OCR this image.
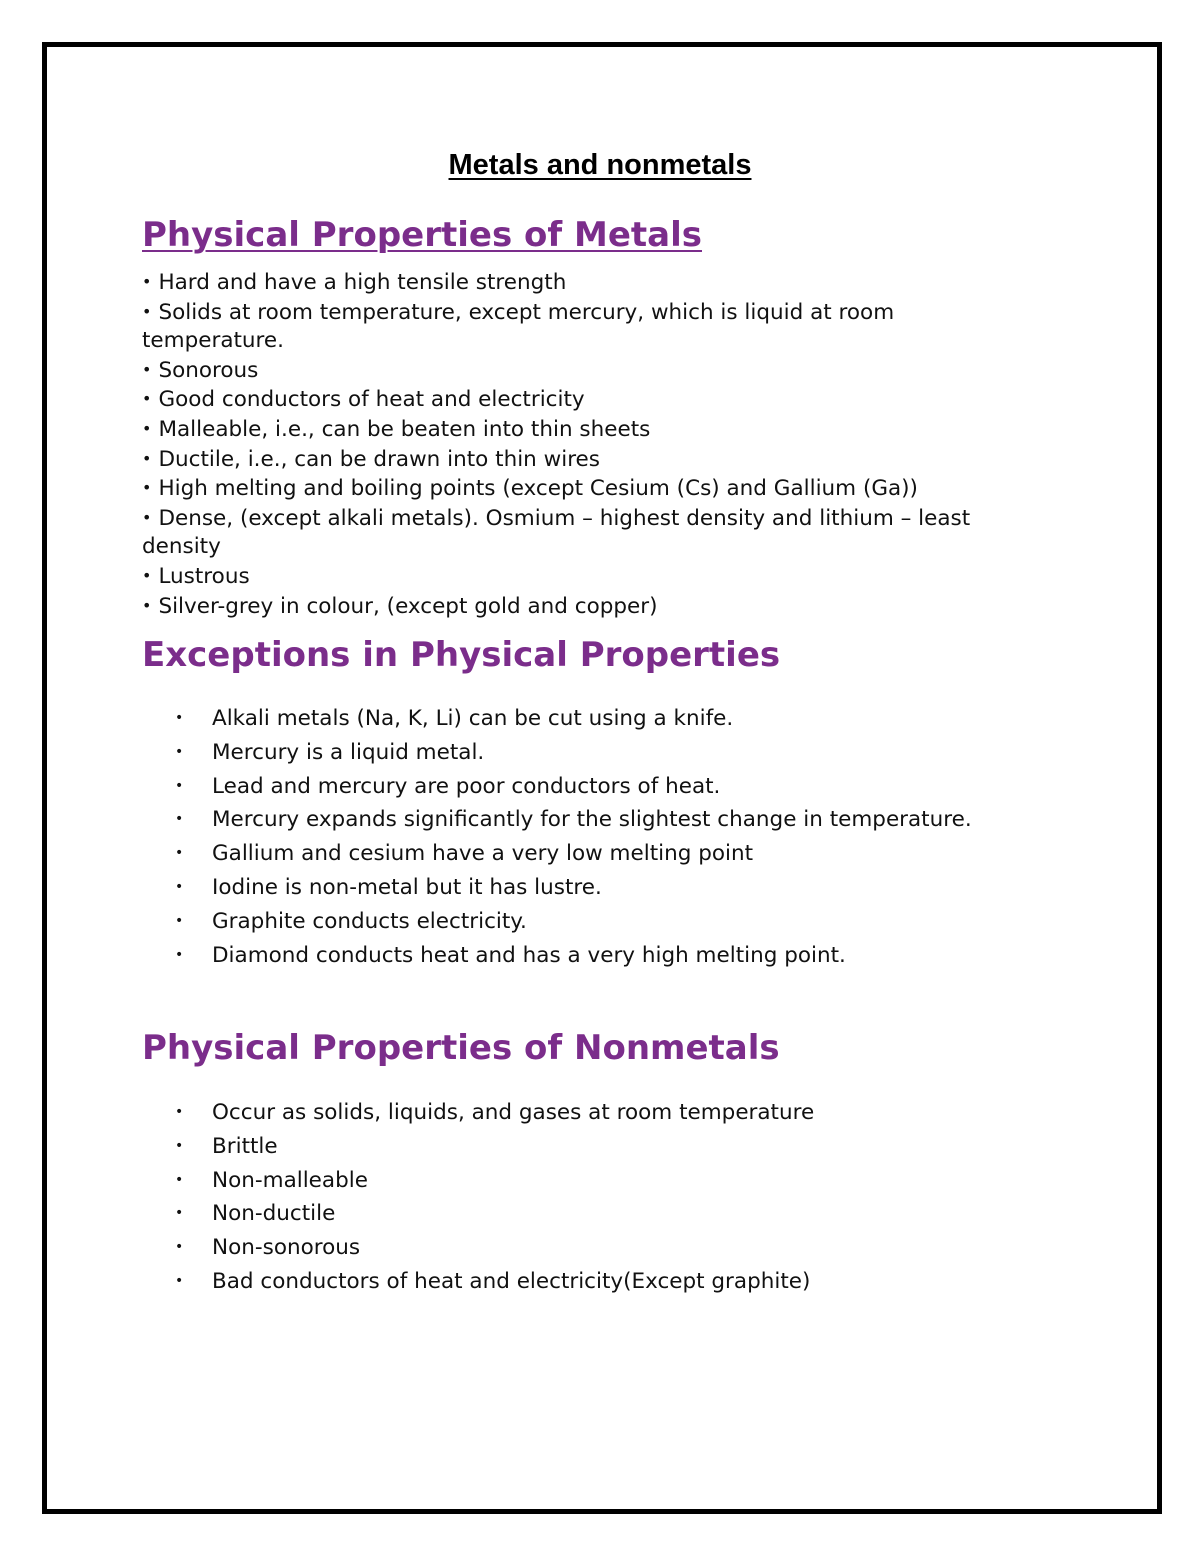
Metals and nonmetals
Physical Properties of Metals
• Hard and have a high tensile strength
• Solids at room temperature, except mercury, which is liquid at room temperature.
• Sonorous
• Good conductors of heat and electricity
• Malleable, i.e., can be beaten into thin sheets
• Ductile, i.e., can be drawn into thin wires
• High melting and boiling points (except Cesium (Cs) and Gallium (Ga))
• Dense, (except alkali metals). Osmium – highest density and lithium – least density
• Lustrous
• Silver-grey in colour, (except gold and copper)
Exceptions in Physical Properties
• Alkali metals (Na, K, Li) can be cut using a knife.
• Mercury is a liquid metal.
• Lead and mercury are poor conductors of heat.
• Mercury expands significantly for the slightest change in temperature.
• Gallium and cesium have a very low melting point
• Iodine is non-metal but it has lustre.
• Graphite conducts electricity.
• Diamond conducts heat and has a very high melting point.
Physical Properties of Nonmetals
• Occur as solids, liquids, and gases at room temperature
• Brittle
• Non-malleable
• Non-ductile
• Non-sonorous
• Bad conductors of heat and electricity(Except graphite)
